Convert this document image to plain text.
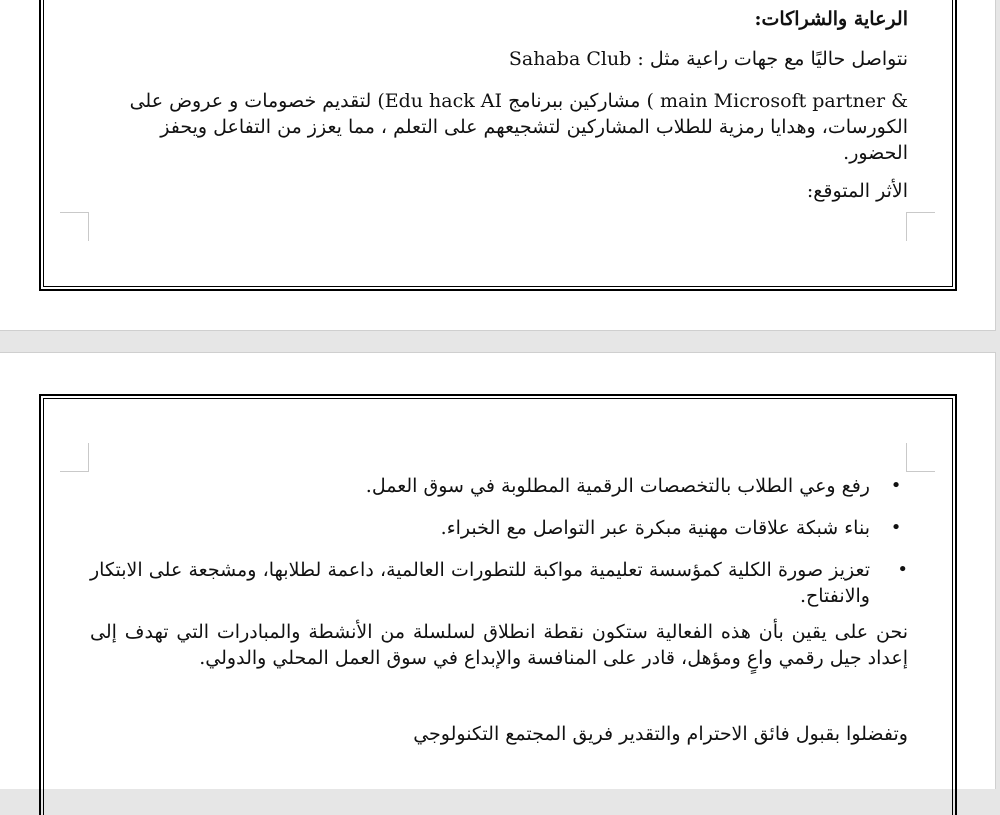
الرعاية والشراكات:

نتواصل حاليًا مع جهات راعية مثل : Sahaba Club

( main Microsoft partner & مشاركين ببرنامج Edu hack AI) لتقديم خصومات و عروض على
الكورسات، وهدايا رمزية للطلاب المشاركين لتشجيعهم على التعلم ، مما يعزز من التفاعل ويحفز الحضور.

الأثر المتوقع:

•
رفع وعي الطلاب بالتخصصات الرقمية المطلوبة في سوق العمل.
•
بناء شبكة علاقات مهنية مبكرة عبر التواصل مع الخبراء.
•
تعزيز صورة الكلية كمؤسسة تعليمية مواكبة للتطورات العالمية، داعمة لطلابها، ومشجعة على الابتكار والانفتاح.

نحن على يقين بأن هذه الفعالية ستكون نقطة انطلاق لسلسلة من الأنشطة والمبادرات التي تهدف إلى إعداد جيل رقمي واعٍ ومؤهل، قادر على المنافسة والإبداع في سوق العمل المحلي والدولي.

وتفضلوا بقبول فائق الاحترام والتقدير فريق المجتمع التكنولوجي
